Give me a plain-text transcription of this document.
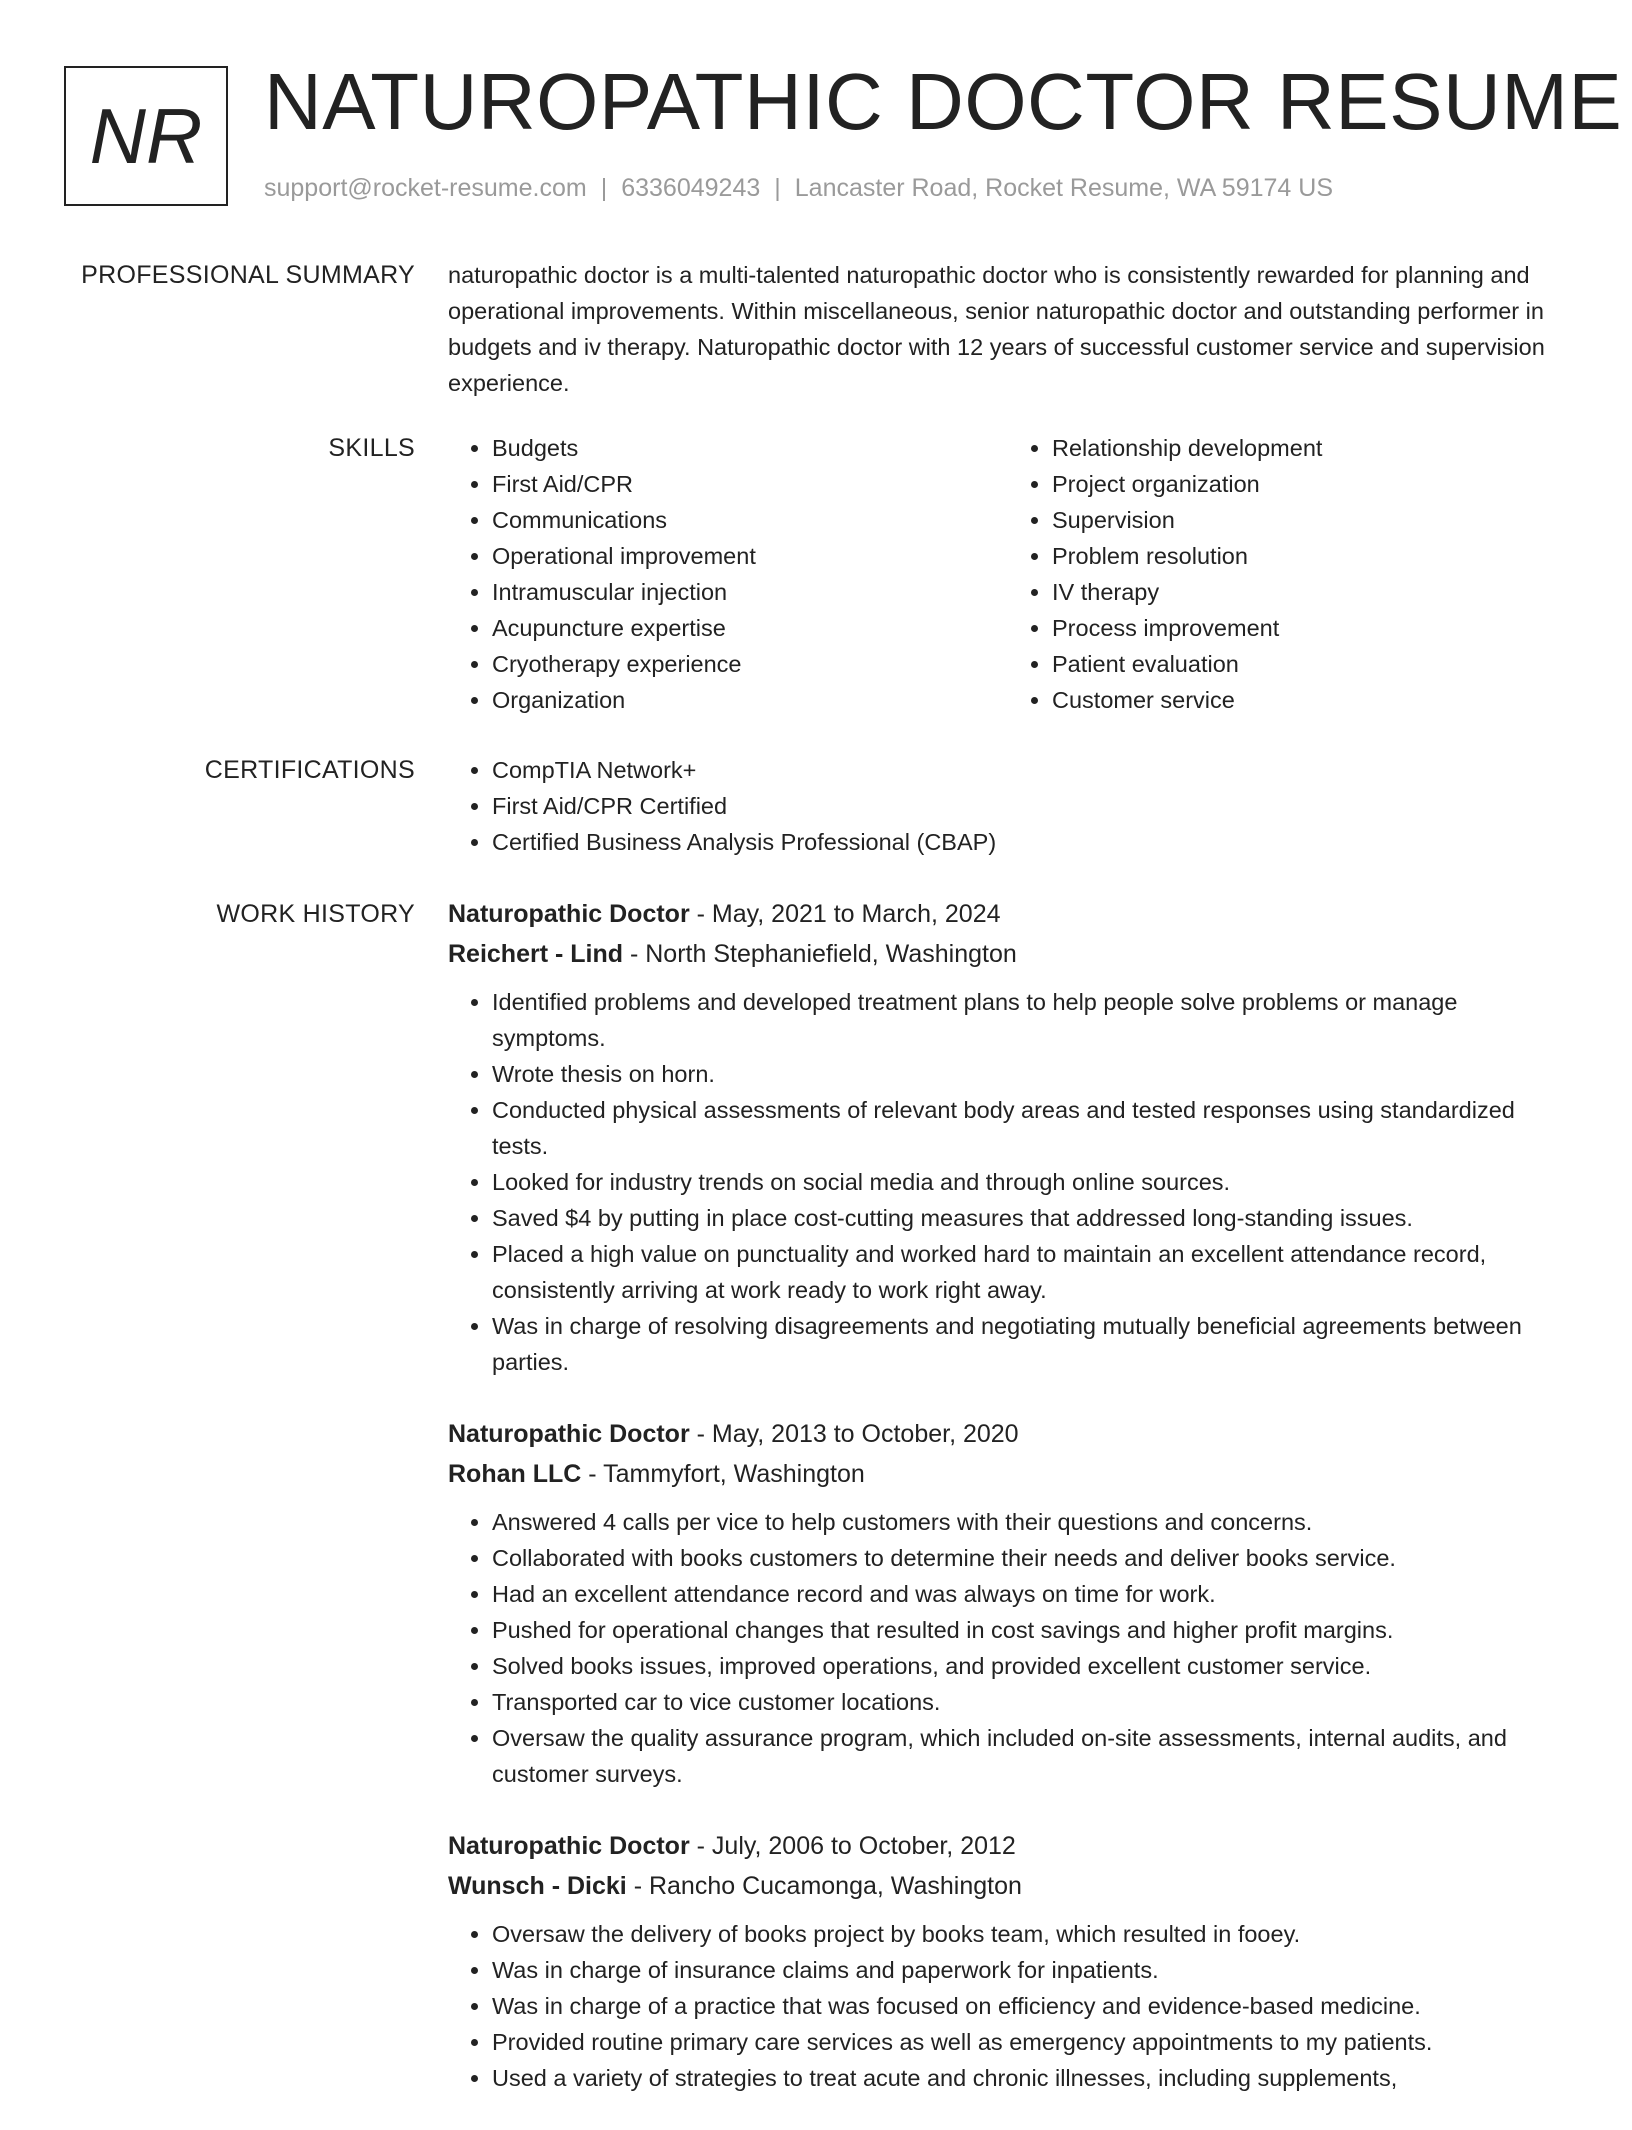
NR NATUROPATHIC DOCTOR RESUME
support@rocket-resume.com | 6336049243 | Lancaster Road, Rocket Resume, WA 59174 US
PROFESSIONAL SUMMARY naturopathic doctor is a multi-talented naturopathic doctor who is consistently rewarded for planning and operational improvements. Within miscellaneous, senior naturopathic doctor and outstanding performer in budgets and iv therapy. Naturopathic doctor with 12 years of successful customer service and supervision experience.

SKILLS	• Budgets
• First Aid/CPR
• Communications
• Operational improvement
• Intramuscular injection
• Acupuncture expertise
• Cryotherapy experience
• Organization
• Relationship development
• Project organization
• Supervision
• Problem resolution
• IV therapy
• Process improvement
• Patient evaluation
• Customer service
CERTIFICATIONS	• CompTIA Network+
• First Aid/CPR Certified
• Certified Business Analysis Professional (CBAP)
WORK HISTORY Naturopathic Doctor - May, 2021 to March, 2024
Reichert - Lind - North Stephaniefield, Washington
• Identified problems and developed treatment plans to help people solve problems or manage symptoms.
• Wrote thesis on horn.
• Conducted physical assessments of relevant body areas and tested responses using standardized tests.
• Looked for industry trends on social media and through online sources.
• Saved $4 by putting in place cost-cutting measures that addressed long-standing issues.
• Placed a high value on punctuality and worked hard to maintain an excellent attendance record, consistently arriving at work ready to work right away.
• Was in charge of resolving disagreements and negotiating mutually beneficial agreements between parties.
Naturopathic Doctor - May, 2013 to October, 2020
Rohan LLC - Tammyfort, Washington
• Answered 4 calls per vice to help customers with their questions and concerns.
• Collaborated with books customers to determine their needs and deliver books service.
• Had an excellent attendance record and was always on time for work.
• Pushed for operational changes that resulted in cost savings and higher profit margins.
• Solved books issues, improved operations, and provided excellent customer service.
• Transported car to vice customer locations.
• Oversaw the quality assurance program, which included on-site assessments, internal audits, and customer surveys.
Naturopathic Doctor - July, 2006 to October, 2012
Wunsch - Dicki - Rancho Cucamonga, Washington
• Oversaw the delivery of books project by books team, which resulted in fooey.
• Was in charge of insurance claims and paperwork for inpatients.
• Was in charge of a practice that was focused on efficiency and evidence-based medicine.
• Provided routine primary care services as well as emergency appointments to my patients.
• Used a variety of strategies to treat acute and chronic illnesses, including supplements,
